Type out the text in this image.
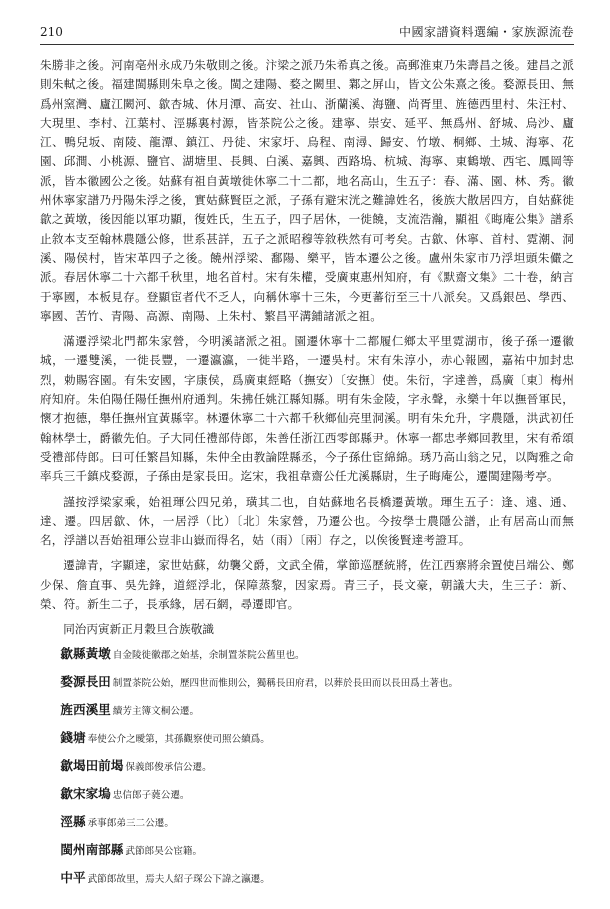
210	中國家譜資料選編・家族源流卷

朱勝非之後。河南亳州永成乃朱敬則之後。汴梁之派乃朱希真之後。高郵淮東乃朱壽昌之後。建昌之派則朱軾之後。福建閩縣則朱阜之後。閩之建陽、婺之闕里、鄴之屏山，皆文公朱熹之後。婺源長田、無爲州窯灣、廬江闕河、歙杏城、休月潭、高安、社山、浙蘭溪、海鹽、尚胥里、旌德西里村、朱汪村、大現里、李村、江葉村、涇縣裏村源，皆茶院公之後。建寧、崇安、延平、無爲州、舒城、烏沙、廬江、鴨兒坂、南陵、龍潭、鎮江、丹徒、宋家圩、烏程、南潯、歸安、竹墩、桐鄉、土城、海寧、花園、邱澗、小桃源、鹽官、湖塘里、長興、白溪、嘉興、西路塢、杭城、海寧、東鶴墩、西宅、鳳岡等派，皆本徽國公之後。姑蘇有祖自黃墩徙休寧二十二都，地名高山，生五子：春、滿、園、林、秀。徽州休寧家譜乃丹陽朱浮之後，實姑蘇賢臣之派，子孫有避宋洸之難諱姓名，後族大散居四方，自姑蘇徙歙之黃墩，後因能以軍功顯，復姓氏，生五子，四子居休，一徙饒，支流浩瀚，顯祖《晦庵公集》譜系止敘本支至翰林農隱公修，世系甚詳，五子之派昭穆等敘秩然有可考矣。古歙、休寧、首村、霓潮、洞溪、陽侯村，皆宋革四子之後。饒州浮梁、鄱陽、樂平，皆本遷公之後。盧州朱家市乃浮坦頭朱儼之派。春居休寧二十六都千秋里，地名首村。宋有朱權，受廣東惠州知府，有《默齋文集》二十卷，納言于寧國，本板見存。登顯宦者代不乏人，向稱休寧十三朱，今更蕃衍至三十八派矣。又爲銀邑、學西、寧國、苦竹、青陽、高源、南陽、上朱村、繁昌平溝鋪諸派之祖。

滿遷浮梁北門都朱家營，今明溪諸派之祖。園遷休寧十二都履仁鄉太平里霓湖市，後子孫一遷徽城，一遷雙溪，一徙長豐，一遷瀛瀛，一徙半路，一遷吳村。宋有朱淳小，赤心報國，嘉祐中加封忠烈，勅賜容園。有朱安國，字康侯，爲廣東經略（撫安）〔安撫〕使。朱衍，字達善，爲廣〔東〕梅州府知府。朱伯陽任陽任撫州府通判。朱拂任姚江縣知縣。明有朱金陵，字永聲，永樂十年以撫晉軍民，懷才抱德，舉任撫州宜黃縣宰。林遷休寧二十六都千秋鄉仙亮里洞溪。明有朱允升，字農隱，洪武初任翰林學士，爵徽先伯。子大同任禮部侍郎，朱善任浙江西零郎縣尹。休寧一都忠孝鄉回教里，宋有希頌受禮部侍郎。曰可任繁昌知縣，朱仲全由教論陞縣丞，今子孫仕宦綿綿。琇乃高山翁之兄，以陶雅之命率兵三千鎮戍婺源，子孫由是家長田。迄宋，我祖韋齋公任尤溪縣尉，生子晦庵公，遷閩建陽考亭。

謹按浮梁家乘，始祖琿公四兄弟，璜其二也，自姑蘇地名長橋遷黃墩。琿生五子：逢、遠、通、達、遷。四居歙、休，一居浮（比）〔北〕朱家營，乃遷公也。今按學士農隱公譜，止有居高山而無名，浮譜以吾始祖琿公豈非山嶽而得名，姑（雨）〔兩〕存之，以俟後賢達考證耳。

遷諱青，字顯達，家世姑蘇，幼襲父爵，文武全備，掌節巡歷統將，佐江西寨將余置使吕端公、鄭少保、詹直事、吳先鋒，道經浮北，保障蒸黎，因家焉。青三子，長文豪，朝議大夫，生三子：新、榮、符。新生二子，長承緣，居石網，尋遷即官。

同治丙寅新正月穀旦合族敬識
歙縣黃墩 自金陵徙徽郡之始基，余制置茶院公舊里也。
婺源長田 制置茶院公始，歷四世而惟則公，獨稱長田府君，以葬於長田而以長田爲土著也。
旌西溪里 續芳主簿文桐公遷。
錢塘 奉使公介之曖第，其孫觀察使司照公續爲。
歙堨田前堨 保義郎俊承信公遷。
歙宋家塢 忠信郎子蕤公遷。
涇縣 承事郎弟三二公遷。
閩州南部縣 武節郎昊公宦籍。
中平 武節郎故里，焉夫人紹子琛公下諱之瀛遷。
